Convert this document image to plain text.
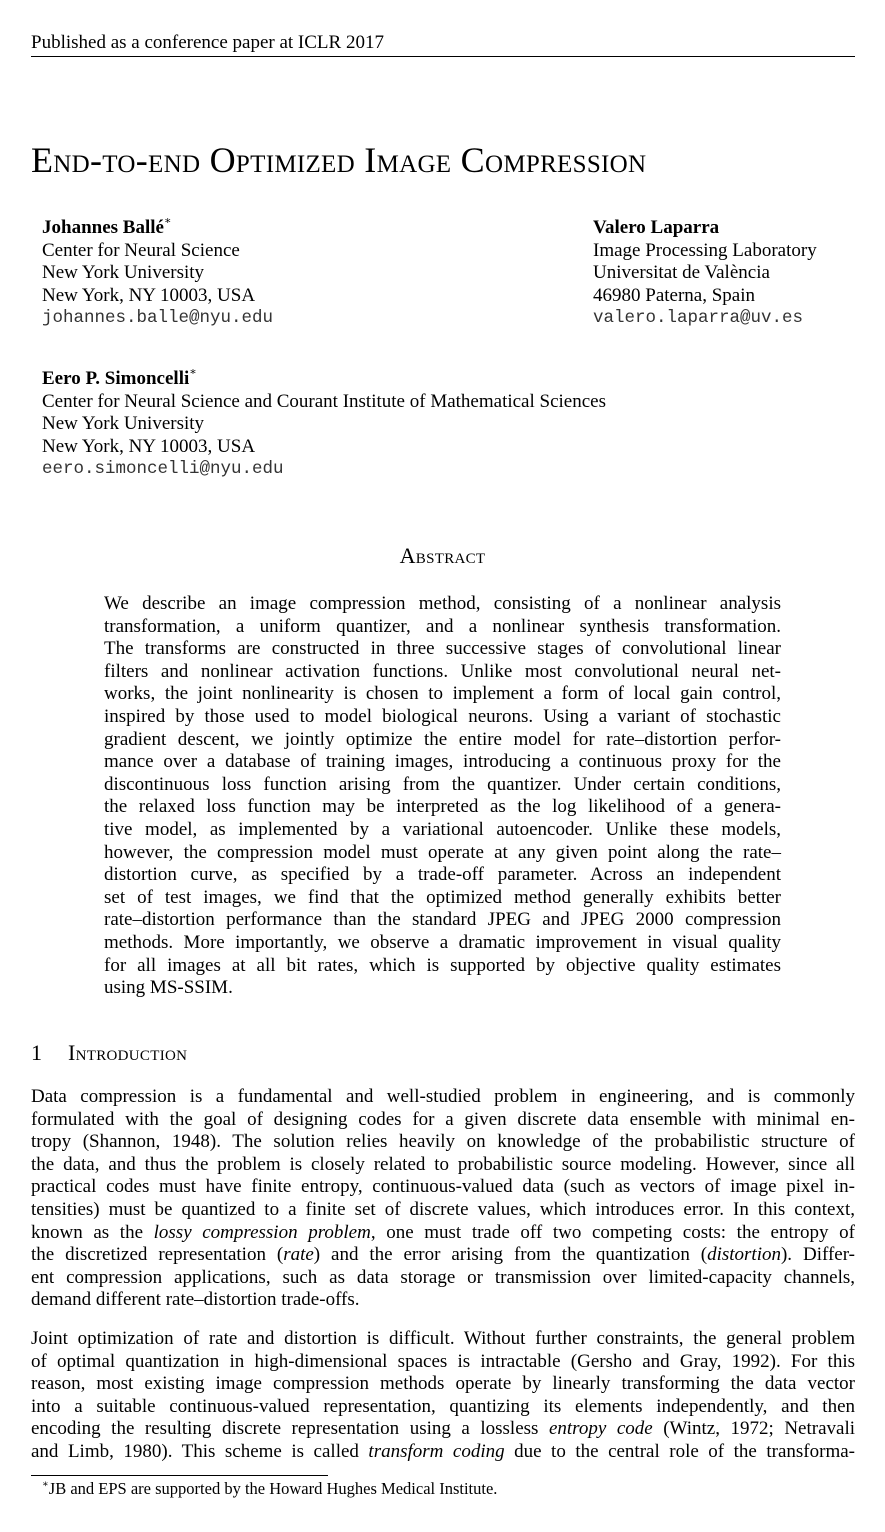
Published as a conference paper at ICLR 2017
End-to-end Optimized Image Compression
Johannes Ballé∗
Center for Neural Science
New York University
New York, NY 10003, USA
johannes.balle@nyu.edu
Valero Laparra
Image Processing Laboratory
Universitat de València
46980 Paterna, Spain
valero.laparra@uv.es
Eero P. Simoncelli∗
Center for Neural Science and Courant Institute of Mathematical Sciences
New York University
New York, NY 10003, USA
eero.simoncelli@nyu.edu
Abstract
We describe an image compression method, consisting of a nonlinear analysis
transformation, a uniform quantizer, and a nonlinear synthesis transformation.
The transforms are constructed in three successive stages of convolutional linear
filters and nonlinear activation functions. Unlike most convolutional neural net-
works, the joint nonlinearity is chosen to implement a form of local gain control,
inspired by those used to model biological neurons. Using a variant of stochastic
gradient descent, we jointly optimize the entire model for rate–distortion perfor-
mance over a database of training images, introducing a continuous proxy for the
discontinuous loss function arising from the quantizer. Under certain conditions,
the relaxed loss function may be interpreted as the log likelihood of a genera-
tive model, as implemented by a variational autoencoder. Unlike these models,
however, the compression model must operate at any given point along the rate–
distortion curve, as specified by a trade-off parameter. Across an independent
set of test images, we find that the optimized method generally exhibits better
rate–distortion performance than the standard JPEG and JPEG 2000 compression
methods. More importantly, we observe a dramatic improvement in visual quality
for all images at all bit rates, which is supported by objective quality estimates
using MS-SSIM.
1 Introduction
Data compression is a fundamental and well-studied problem in engineering, and is commonly
formulated with the goal of designing codes for a given discrete data ensemble with minimal en-
tropy (Shannon, 1948). The solution relies heavily on knowledge of the probabilistic structure of
the data, and thus the problem is closely related to probabilistic source modeling. However, since all
practical codes must have finite entropy, continuous-valued data (such as vectors of image pixel in-
tensities) must be quantized to a finite set of discrete values, which introduces error. In this context,
known as the lossy compression problem, one must trade off two competing costs: the entropy of
the discretized representation (rate) and the error arising from the quantization (distortion). Differ-
ent compression applications, such as data storage or transmission over limited-capacity channels,
demand different rate–distortion trade-offs.
Joint optimization of rate and distortion is difficult. Without further constraints, the general problem
of optimal quantization in high-dimensional spaces is intractable (Gersho and Gray, 1992). For this
reason, most existing image compression methods operate by linearly transforming the data vector
into a suitable continuous-valued representation, quantizing its elements independently, and then
encoding the resulting discrete representation using a lossless entropy code (Wintz, 1972; Netravali
and Limb, 1980). This scheme is called transform coding due to the central role of the transforma-
∗JB and EPS are supported by the Howard Hughes Medical Institute.
